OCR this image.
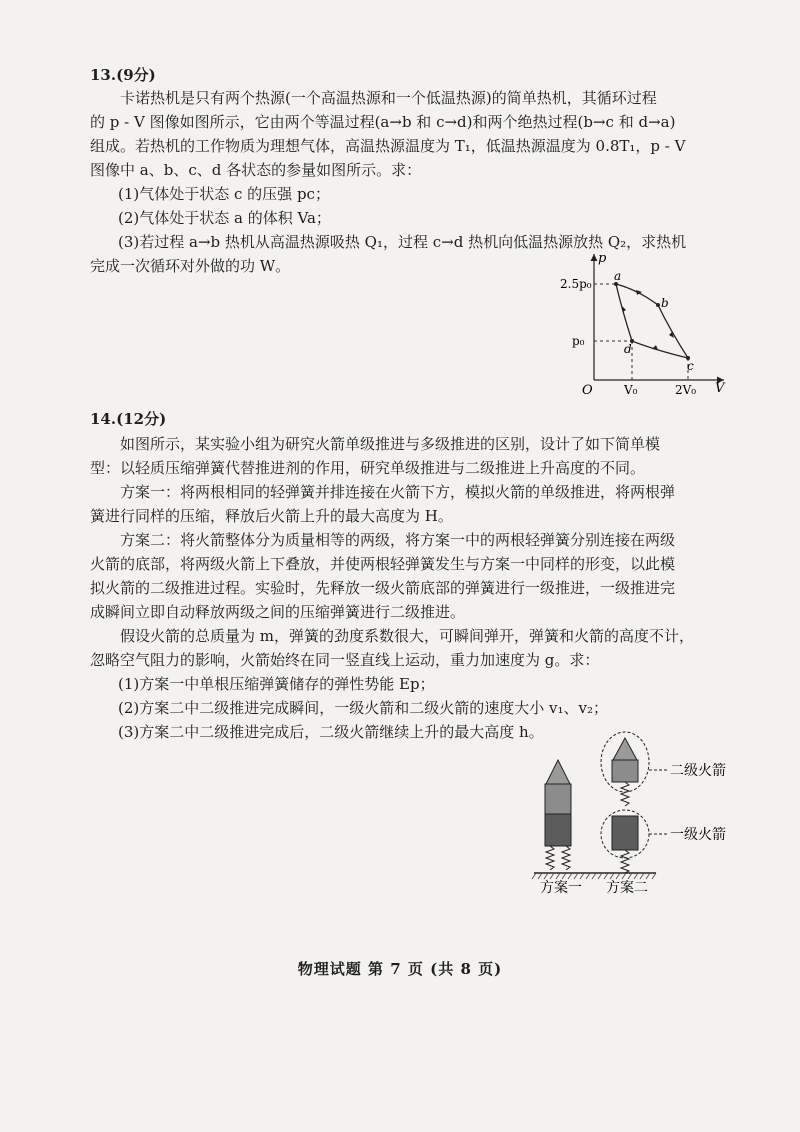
13.(9分)

卡诺热机是只有两个热源(一个高温热源和一个低温热源)的简单热机，其循环过程

的 p - V 图像如图所示，它由两个等温过程(a→b 和 c→d)和两个绝热过程(b→c 和 d→a)

组成。若热机的工作物质为理想气体，高温热源温度为 T₁，低温热源温度为 0.8T₁，p - V

图像中 a、b、c、d 各状态的参量如图所示。求：

(1)气体处于状态 c 的压强 pc；

(2)气体处于状态 a 的体积 Va；

(3)若过程 a→b 热机从高温热源吸热 Q₁，过程 c→d 热机向低温热源放热 Q₂，求热机

完成一次循环对外做的功 W。	p
V
O
2.5p₀
p₀
V₀	2V₀
a
b
c
d
14.(12分)

如图所示，某实验小组为研究火箭单级推进与多级推进的区别，设计了如下简单模

型：以轻质压缩弹簧代替推进剂的作用，研究单级推进与二级推进上升高度的不同。

方案一：将两根相同的轻弹簧并排连接在火箭下方，模拟火箭的单级推进，将两根弹

簧进行同样的压缩，释放后火箭上升的最大高度为 H。

方案二：将火箭整体分为质量相等的两级，将方案一中的两根轻弹簧分别连接在两级

火箭的底部，将两级火箭上下叠放，并使两根轻弹簧发生与方案一中同样的形变，以此模

拟火箭的二级推进过程。实验时，先释放一级火箭底部的弹簧进行一级推进，一级推进完

成瞬间立即自动释放两级之间的压缩弹簧进行二级推进。

假设火箭的总质量为 m，弹簧的劲度系数很大，可瞬间弹开，弹簧和火箭的高度不计，

忽略空气阻力的影响，火箭始终在同一竖直线上运动，重力加速度为 g。求：

(1)方案一中单根压缩弹簧储存的弹性势能 Ep；

(2)方案二中二级推进完成瞬间，一级火箭和二级火箭的速度大小 v₁、v₂；

(3)方案二中二级推进完成后，二级火箭继续上升的最大高度 h。

二级火箭
一级火箭
方案一 方案二
物理试题 第 7 页 (共 8 页)
